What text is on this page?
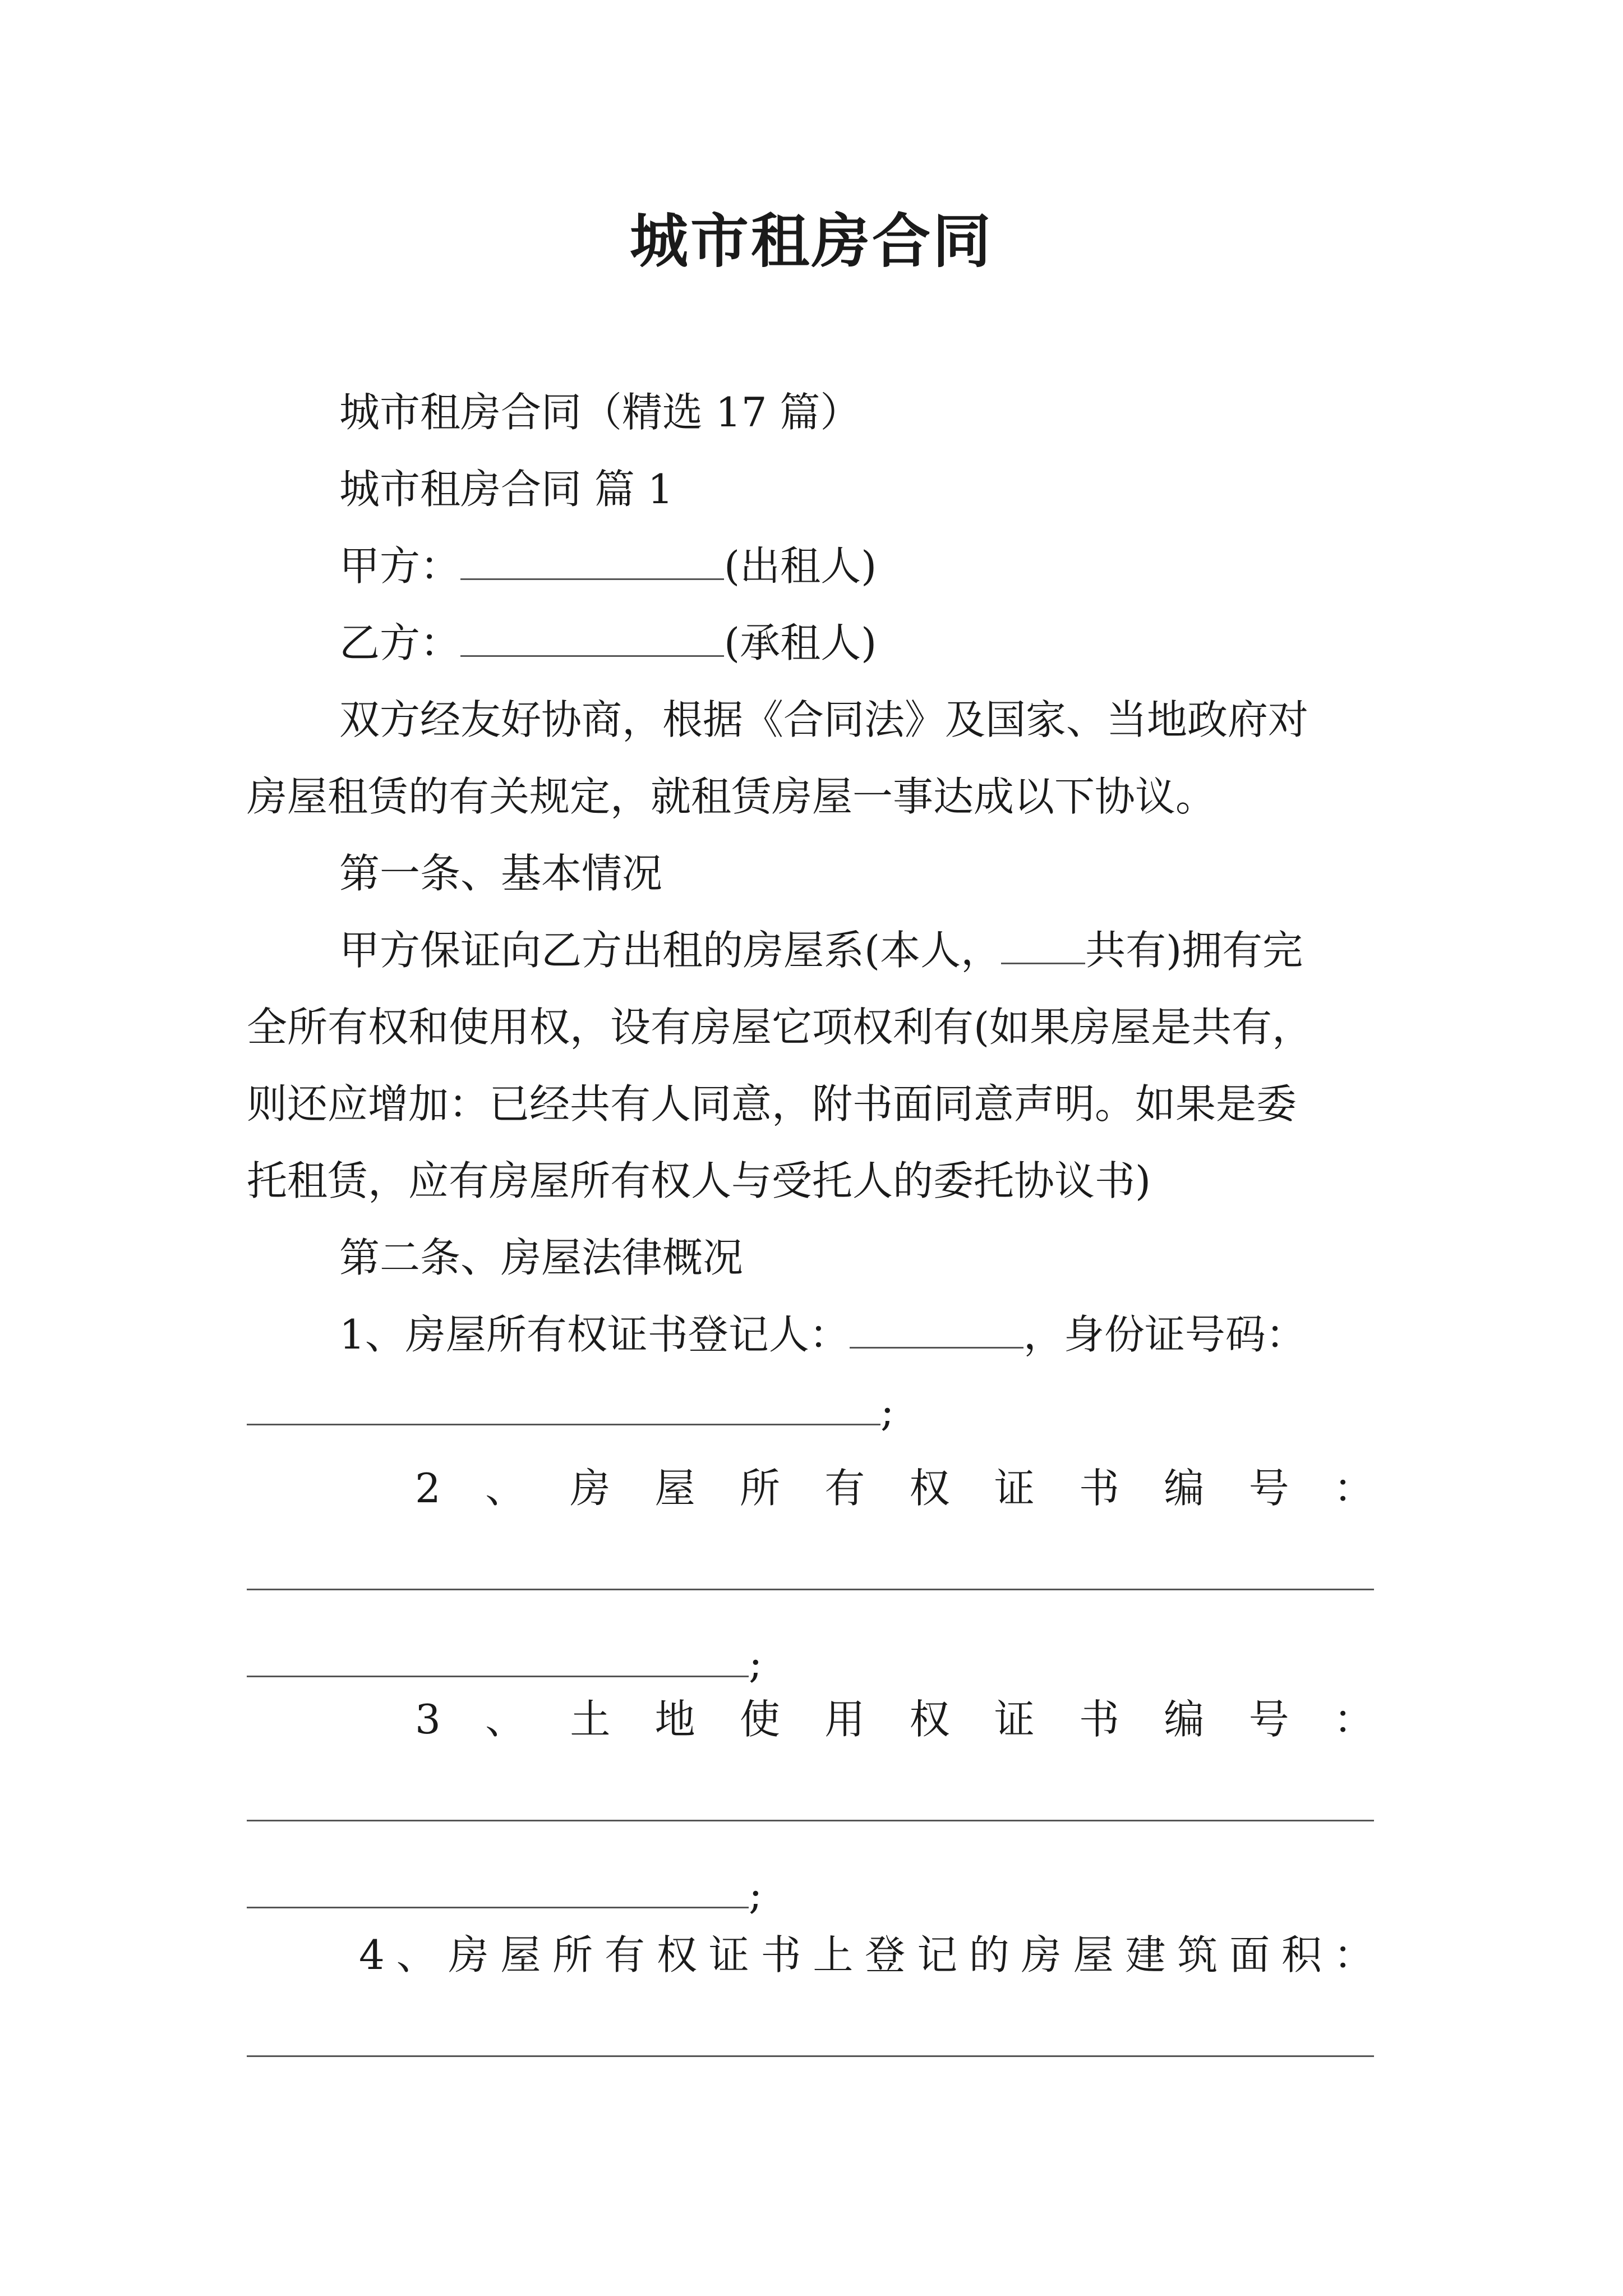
城市租房合同
城市租房合同（精选 17 篇）
城市租房合同 篇 1
甲方：	(出租人)
乙方：	(承租人)
双方经友好协商，根据《合同法》及国家、当地政府对
房屋租赁的有关规定，就租赁房屋一事达成以下协议。
第一条、基本情况
甲方保证向乙方出租的房屋系(本人， 共有)拥有完
全所有权和使用权，设有房屋它项权利有(如果房屋是共有，
则还应增加：已经共有人同意，附书面同意声明。如果是委
托租赁，应有房屋所有权人与受托人的委托协议书)
第二条、房屋法律概况
1、房屋所有权证书登记人：	，身份证号码：
;
2 、 房 屋 所 有 权 证 书 编 号 ：
;
3 、 土 地 使 用 权 证 书 编 号 ：
;
4 、 房 屋 所 有 权 证 书 上 登 记 的 房 屋 建 筑 面 积 ：
